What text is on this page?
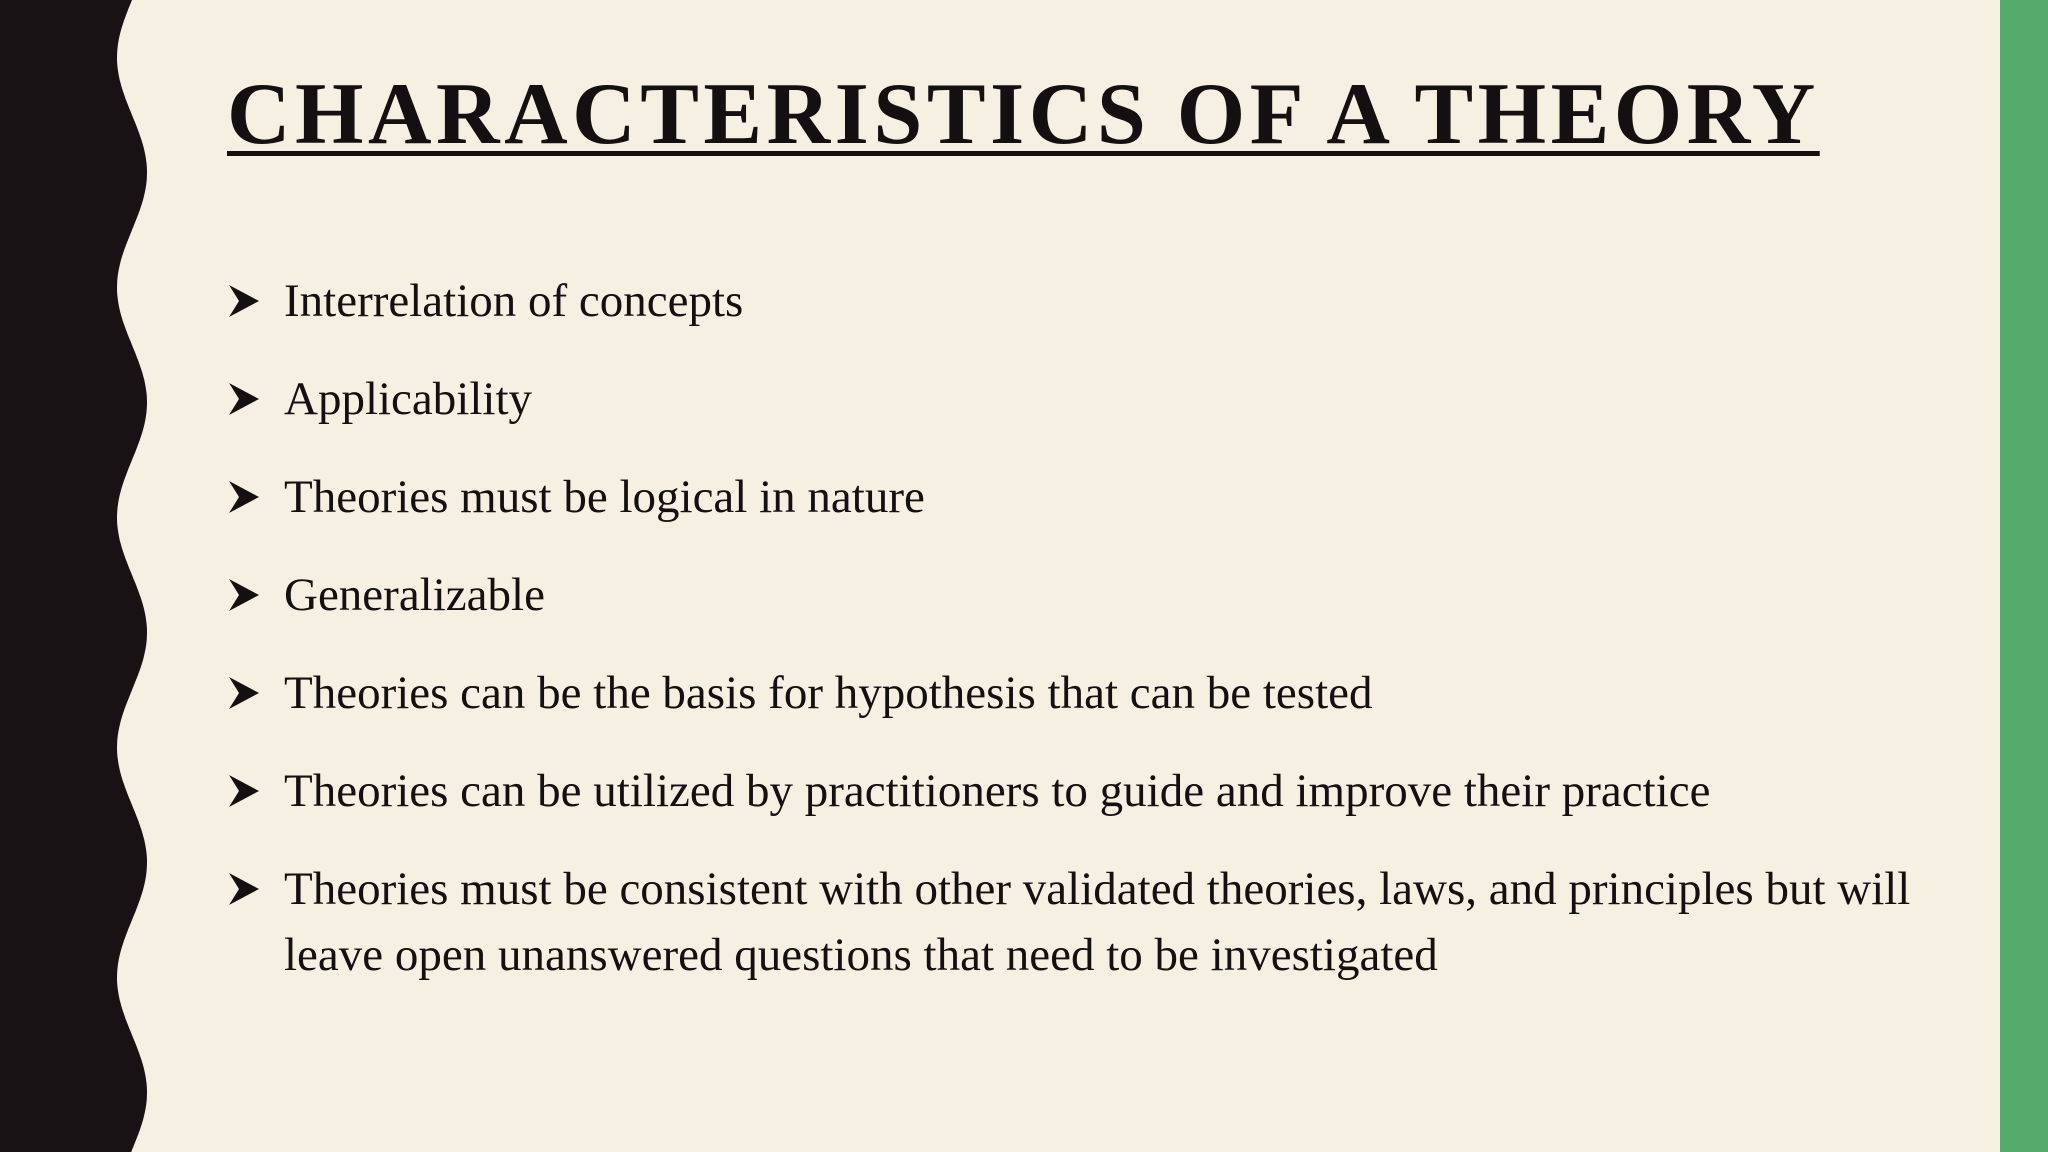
CHARACTERISTICS OF A THEORY
Interrelation of concepts
Applicability
Theories must be logical in nature
Generalizable
Theories can be the basis for hypothesis that can be tested
Theories can be utilized by practitioners to guide and improve their practice
Theories must be consistent with other validated theories, laws, and principles but will leave open unanswered questions that need to be investigated
